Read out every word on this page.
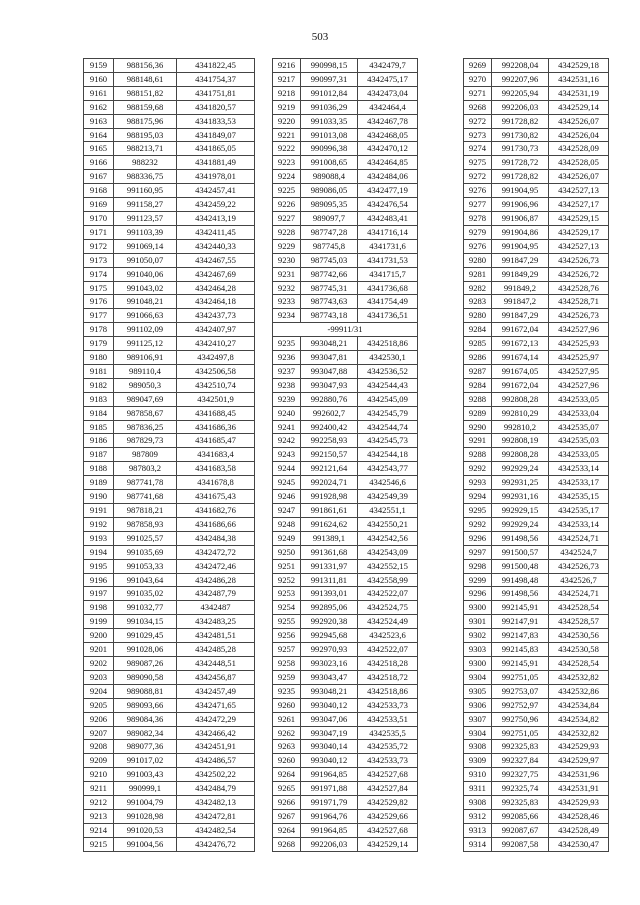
503
9159	988156,36	4341822,45
9160	988148,61	4341754,37
9161	988151,82	4341751,81
9162	988159,68	4341820,57
9163	988175,96	4341833,53
9164	988195,03	4341849,07
9165	988213,71	4341865,05
9166	988232	4341881,49
9167	988336,75	4341978,01
9168	991160,95	4342457,41
9169	991158,27	4342459,22
9170	991123,57	4342413,19
9171	991103,39	4342411,45
9172	991069,14	4342440,33
9173	991050,07	4342467,55
9174	991040,06	4342467,69
9175	991043,02	4342464,28
9176	991048,21	4342464,18
9177	991066,63	4342437,73
9178	991102,09	4342407,97
9179	991125,12	4342410,27
9180	989106,91	4342497,8
9181	989110,4	4342506,58
9182	989050,3	4342510,74
9183	989047,69	4342501,9
9184	987858,67	4341688,45
9185	987836,25	4341686,36
9186	987829,73	4341685,47
9187	987809	4341683,4
9188	987803,2	4341683,58
9189	987741,78	4341678,8
9190	987741,68	4341675,43
9191	987818,21	4341682,76
9192	987858,93	4341686,66
9193	991025,57	4342484,38
9194	991035,69	4342472,72
9195	991053,33	4342472,46
9196	991043,64	4342486,28
9197	991035,02	4342487,79
9198	991032,77	4342487
9199	991034,15	4342483,25
9200	991029,45	4342481,51
9201	991028,06	4342485,28
9202	989087,26	4342448,51
9203	989090,58	4342456,87
9204	989088,81	4342457,49
9205	989093,66	4342471,65
9206	989084,36	4342472,29
9207	989082,34	4342466,42
9208	989077,36	4342451,91
9209	991017,02	4342486,57
9210	991003,43	4342502,22
9211	990999,1	4342484,79
9212	991004,79	4342482,13
9213	991028,98	4342472,81
9214	991020,53	4342482,54
9215	991004,56	4342476,72
9216	990998,15	4342479,7
9217	990997,31	4342475,17
9218	991012,84	4342473,04
9219	991036,29	4342464,4
9220	991033,35	4342467,78
9221	991013,08	4342468,05
9222	990996,38	4342470,12
9223	991008,65	4342464,85
9224	989088,4	4342484,06
9225	989086,05	4342477,19
9226	989095,35	4342476,54
9227	989097,7	4342483,41
9228	987747,28	4341716,14
9229	987745,8	4341731,6
9230	987745,03	4341731,53
9231	987742,66	4341715,7
9232	987745,31	4341736,68
9233	987743,63	4341754,49
9234	987743,18	4341736,51
-99911/31		
9235	993048,21	4342518,86
9236	993047,81	4342530,1
9237	993047,88	4342536,52
9238	993047,93	4342544,43
9239	992880,76	4342545,09
9240	992602,7	4342545,79
9241	992400,42	4342544,74
9242	992258,93	4342545,73
9243	992150,57	4342544,18
9244	992121,64	4342543,77
9245	992024,71	4342546,6
9246	991928,98	4342549,39
9247	991861,61	4342551,1
9248	991624,62	4342550,21
9249	991389,1	4342542,56
9250	991361,68	4342543,09
9251	991331,97	4342552,15
9252	991311,81	4342558,99
9253	991393,01	4342522,07
9254	992895,06	4342524,75
9255	992920,38	4342524,49
9256	992945,68	4342523,6
9257	992970,93	4342522,07
9258	993023,16	4342518,28
9259	993043,47	4342518,72
9235	993048,21	4342518,86
9260	993040,12	4342533,73
9261	993047,06	4342533,51
9262	993047,19	4342535,5
9263	993040,14	4342535,72
9260	993040,12	4342533,73
9264	991964,85	4342527,68
9265	991971,88	4342527,84
9266	991971,79	4342529,82
9267	991964,76	4342529,66
9264	991964,85	4342527,68
9268	992206,03	4342529,14
9269	992208,04	4342529,18
9270	992207,96	4342531,16
9271	992205,94	4342531,19
9268	992206,03	4342529,14
9272	991728,82	4342526,07
9273	991730,82	4342526,04
9274	991730,73	4342528,09
9275	991728,72	4342528,05
9272	991728,82	4342526,07
9276	991904,95	4342527,13
9277	991906,96	4342527,17
9278	991906,87	4342529,15
9279	991904,86	4342529,17
9276	991904,95	4342527,13
9280	991847,29	4342526,73
9281	991849,29	4342526,72
9282	991849,2	4342528,76
9283	991847,2	4342528,71
9280	991847,29	4342526,73
9284	991672,04	4342527,96
9285	991672,13	4342525,93
9286	991674,14	4342525,97
9287	991674,05	4342527,95
9284	991672,04	4342527,96
9288	992808,28	4342533,05
9289	992810,29	4342533,04
9290	992810,2	4342535,07
9291	992808,19	4342535,03
9288	992808,28	4342533,05
9292	992929,24	4342533,14
9293	992931,25	4342533,17
9294	992931,16	4342535,15
9295	992929,15	4342535,17
9292	992929,24	4342533,14
9296	991498,56	4342524,71
9297	991500,57	4342524,7
9298	991500,48	4342526,73
9299	991498,48	4342526,7
9296	991498,56	4342524,71
9300	992145,91	4342528,54
9301	992147,91	4342528,57
9302	992147,83	4342530,56
9303	992145,83	4342530,58
9300	992145,91	4342528,54
9304	992751,05	4342532,82
9305	992753,07	4342532,86
9306	992752,97	4342534,84
9307	992750,96	4342534,82
9304	992751,05	4342532,82
9308	992325,83	4342529,93
9309	992327,84	4342529,97
9310	992327,75	4342531,96
9311	992325,74	4342531,91
9308	992325,83	4342529,93
9312	992085,66	4342528,46
9313	992087,67	4342528,49
9314	992087,58	4342530,47
